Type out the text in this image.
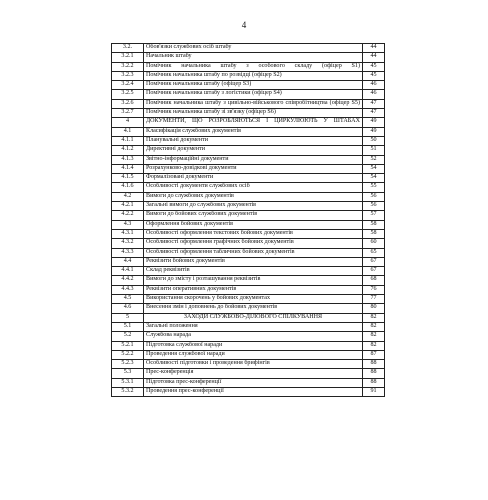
4
3.2.	Обов'язки службових осіб штабу	44
3.2.1	Начальник штабу	44
3.2.2	Помічник начальника штабу з особового складу (офіцер S1)	45
3.2.3	Помічник начальника штабу по розвідці (офіцер S2)	45
3.2.4	Помічник начальника штабу (офіцер S3)	46
3.2.5	Помічник начальника штабу з логістики (офіцер S4)	46
3.2.6	Помічник начальника штабу з цивільно-військового співробітництва (офіцер S5)	47
3.2.7	Помічник начальника штабу зі зв'язку (офіцер S6)	47
4	ДОКУМЕНТИ, ЩО РОЗРОБЛЯЮТЬСЯ І ЦИРКУЛЮЮТЬ У ШТАБАХ	49
4.1	Класифікація службових документів	49
4.1.1	Планувальні документи	50
4.1.2	Директивні документи	51
4.1.3	Звітно-інформаційні документи	52
4.1.4	Розрахунково-довідкові документи	54
4.1.5	Формалізовані документи	54
4.1.6	Особливості документи службових осіб	55
4.2	Вимоги до службових документів	56
4.2.1	Загальні вимоги до службових документів	56
4.2.2	Вимоги до бойових службових документів	57
4.3	Оформлення бойових документів	58
4.3.1	Особливості оформлення текстових бойових документів	58
4.3.2	Особливості оформлення графічних бойових документів	60
4.3.3	Особливості оформлення табличних бойових документів	65
4.4	Реквізити бойових документів	67
4.4.1	Склад реквізитів	67
4.4.2	Вимоги до змісту і розташування реквізитів	68
4.4.3	Реквізити оперативних документів	76
4.5	Використання скорочень у бойових документах	77
4.6	Внесення змін і доповнень до бойових документів	80
5	ЗАХОДИ СЛУЖБОВО-ДІЛОВОГО СПІЛКУВАННЯ	82
5.1	Загальні положення	82
5.2	Службова нарада	82
5.2.1	Підготовка службової наради	82
5.2.2	Проведення службової наради	87
5.2.3	Особливості підготовки і проведення брифінгів	88
5.3	Прес-конференція	88
5.3.1	Підготовка прес-конференції	88
5.3.2	Проведення прес-конференції	91
